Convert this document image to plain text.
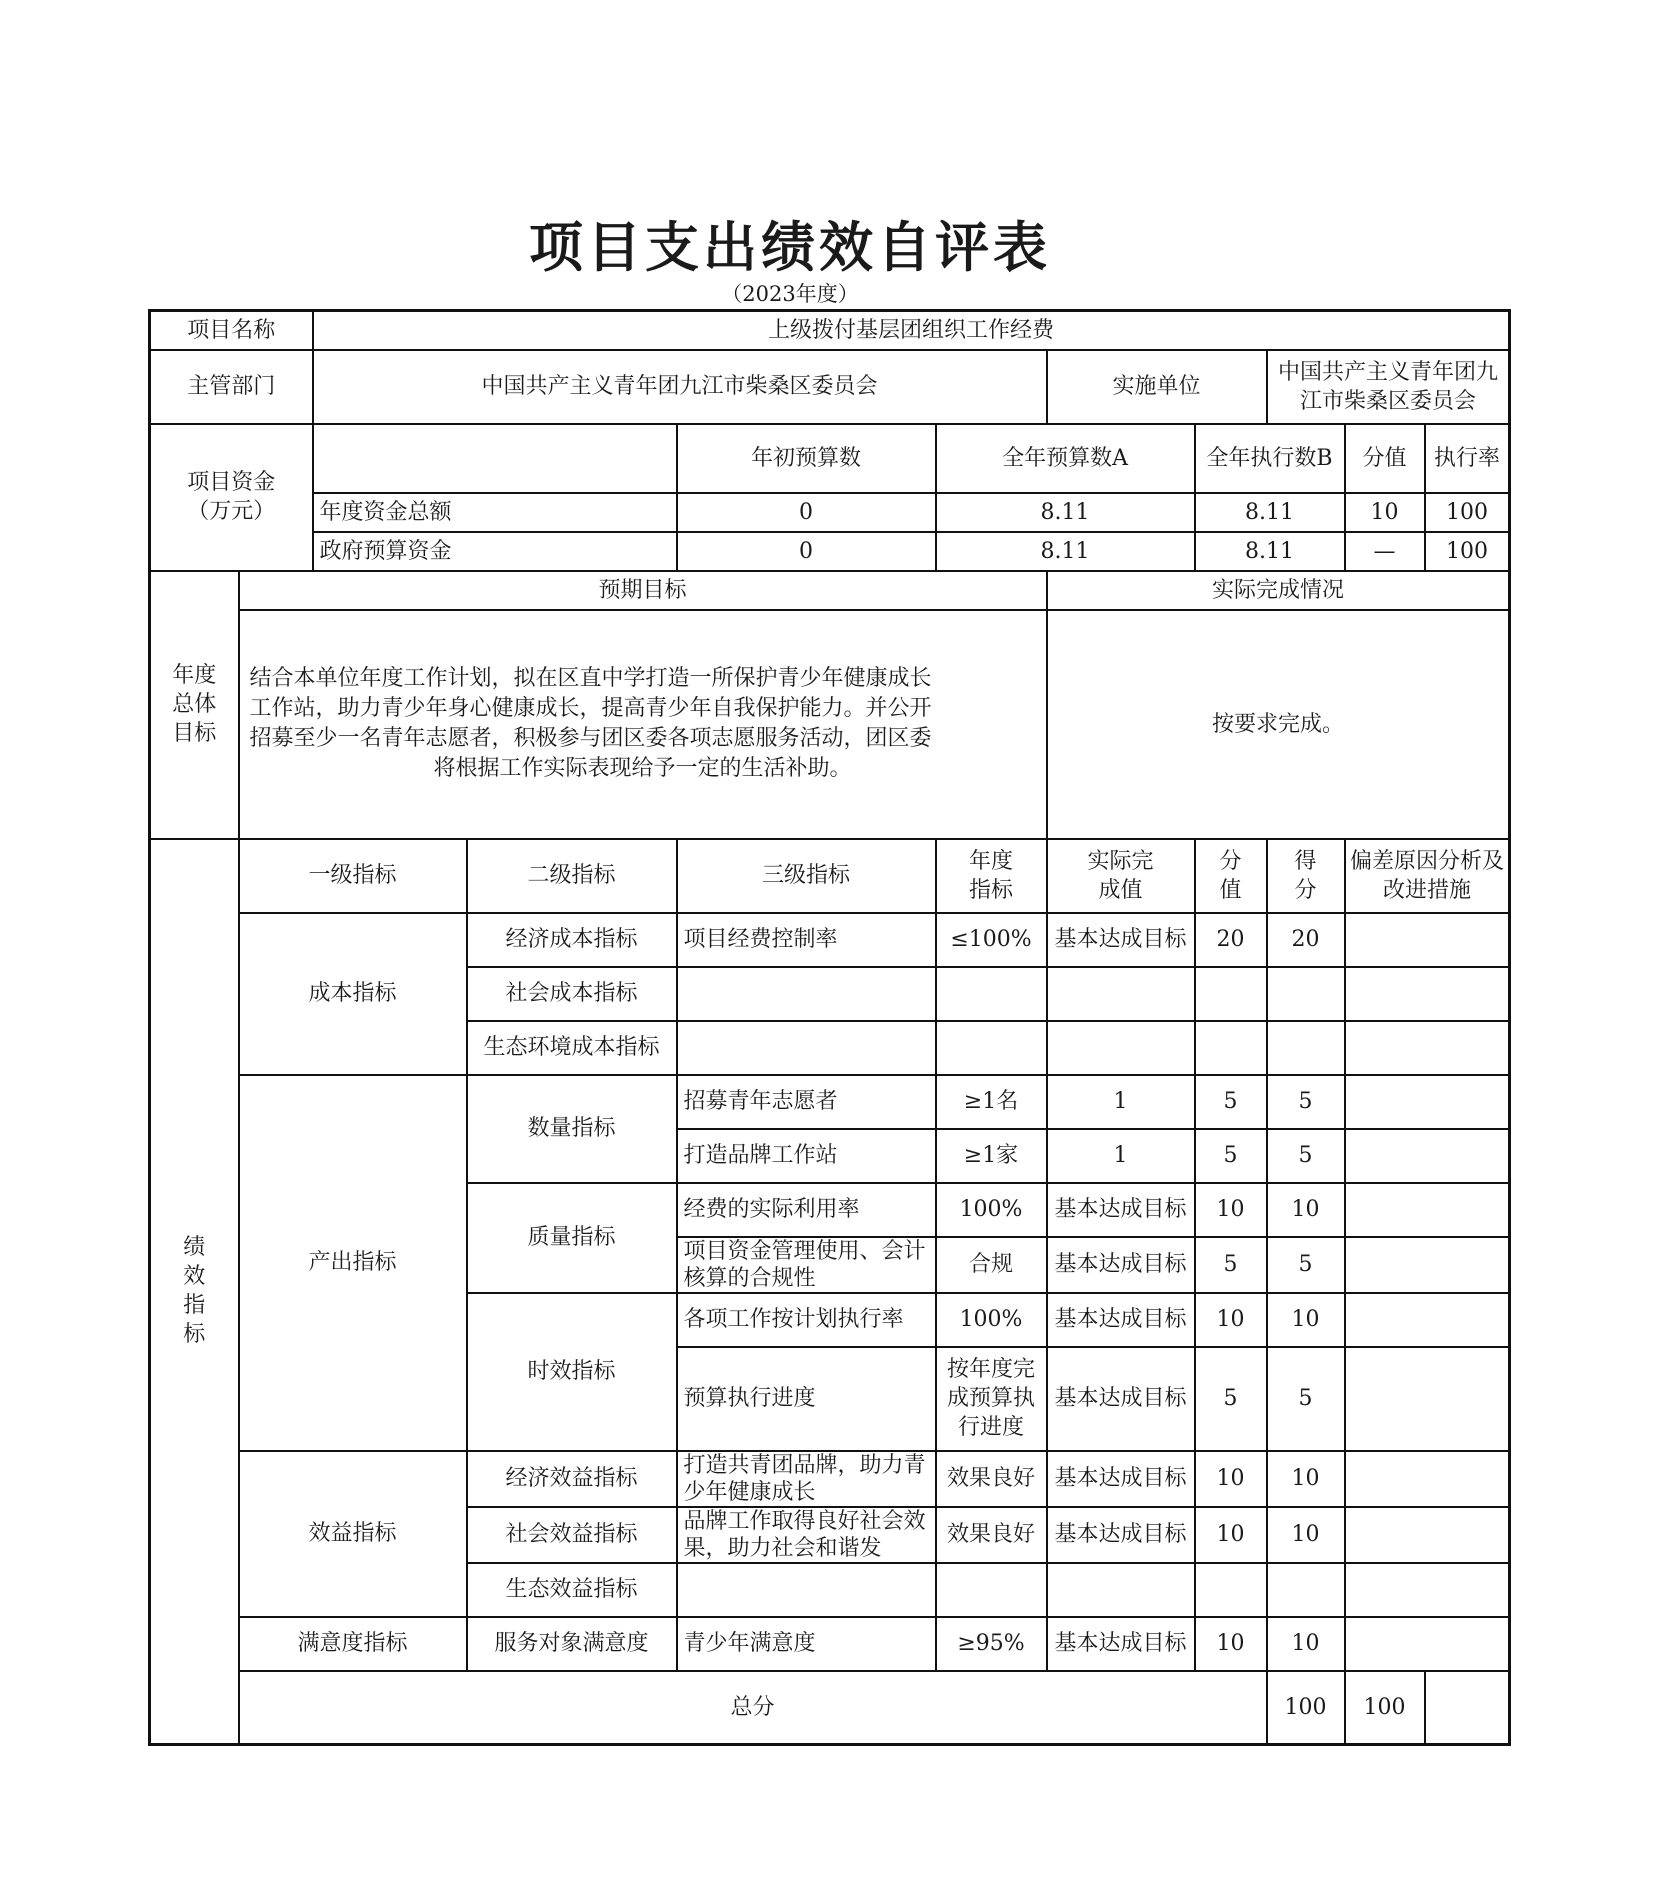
项目支出绩效自评表
（2023年度）
项目名称		上级拨付基层团组织工作经费									
主管部门		中国共产主义青年团九江市柴桑区委员会				实施单位		中国共产主义青年团九江市柴桑区委员会			
项目资金（万元）				年初预算数	全年预算数A		全年执行数B		分值	执行率	
		年度资金总额		0	8.11		8.11		10	100	
		政府预算资金		0	8.11		8.11		—	100	
年度总体目标	预期目标					实际完成情况					

	结合本单位年度工作计划，拟在区直中学打造一所保护青少年健康成长
工作站，助力青少年身心健康成长，提高青少年自我保护能力。并公开
招募至少一名青年志愿者，积极参与团区委各项志愿服务活动，团区委
将根据工作实际表现给予一定的生活补助。					按要求完成。					
绩效指标	一级指标		二级指标	三级指标	年度指标	实际完成值	分值	得分	偏差原因分析及改进措施		
	成本指标		经济成本指标	项目经费控制率	≤100%	基本达成目标	20	20			
			社会成本指标								
			生态环境成本指标								
	产出指标		数量指标	招募青年志愿者	≥1名	1	5	5			
				打造品牌工作站	≥1家	1	5	5			
			质量指标	经费的实际利用率	100%	基本达成目标	10	10			
				项目资金管理使用、会计核算的合规性	合规	基本达成目标	5	5			
			时效指标	各项工作按计划执行率	100%	基本达成目标	10	10			
				预算执行进度	按年度完成预算执行进度	基本达成目标	5	5			
	效益指标		经济效益指标	打造共青团品牌，助力青少年健康成长	效果良好	基本达成目标	10	10			
			社会效益指标	品牌工作取得良好社会效果，助力社会和谐发	效果良好	基本达成目标	10	10			
			生态效益指标								
	满意度指标		服务对象满意度	青少年满意度	≥95%	基本达成目标	10	10			
	总分							100	100		
